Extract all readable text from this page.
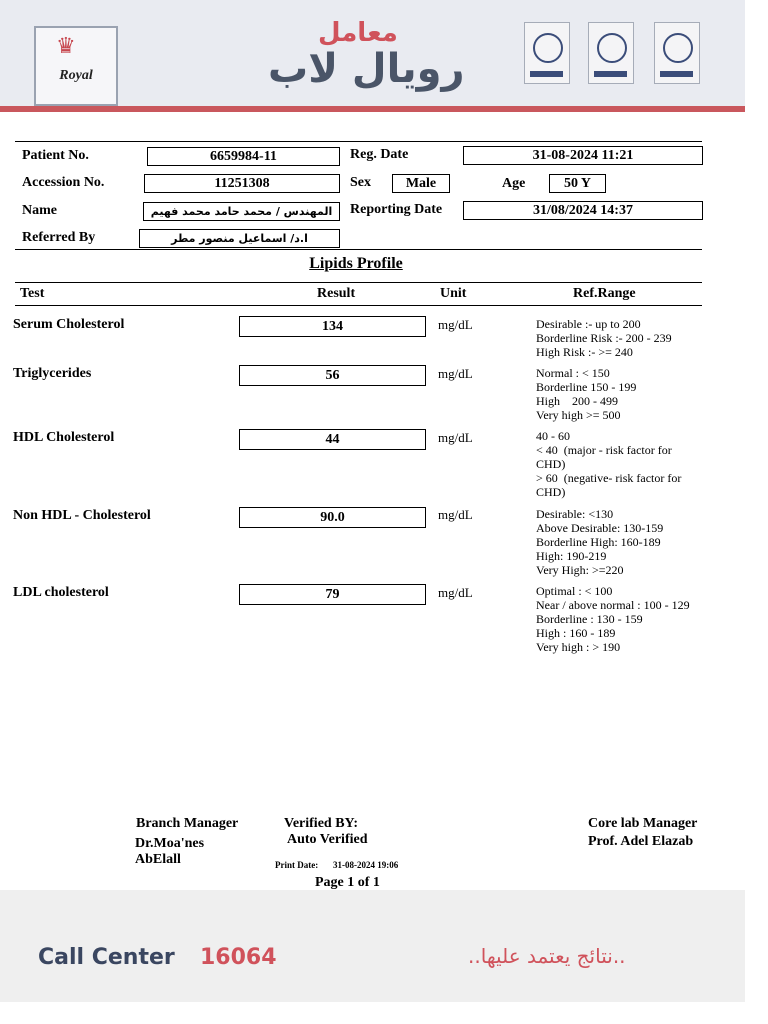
♛
Royal
معامل
رويال لاب
Patient No.	6659984-11	Reg. Date	31-08-2024 11:21
Accession No.	11251308	Sex	Male	Age	50 Y
Name	المهندس / محمد حامد محمد فهيم	Reporting Date	31/08/2024 14:37
Referred By	ا.د/ اسماعيل منصور مطر
Lipids Profile
Test	Result	Unit	Ref.Range
Serum Cholesterol	134	mg/dL	Desirable :- up to 200
Borderline Risk :- 200 - 239
High Risk :- >= 240
Triglycerides	56	mg/dL	Normal : < 150
Borderline 150 - 199
High    200 - 499
Very high >= 500
HDL Cholesterol	44	mg/dL	40 - 60
< 40  (major - risk factor for
CHD)
> 60  (negative- risk factor for
CHD)
Non HDL - Cholesterol	90.0	mg/dL	Desirable: <130
Above Desirable: 130-159
Borderline High: 160-189
High: 190-219
Very High: >=220
LDL cholesterol	79	mg/dL	Optimal : < 100
Near / above normal : 100 - 129
Borderline : 130 - 159
High : 160 - 189
Very high : > 190
Branch Manager
Dr.Moa'nes
AbElall
Verified BY:
Auto Verified
Core lab Manager
Prof. Adel Elazab
Print Date: 31-08-2024 19:06
Page 1 of 1
Call Center 16064	..نتائج يعتمد عليها..
